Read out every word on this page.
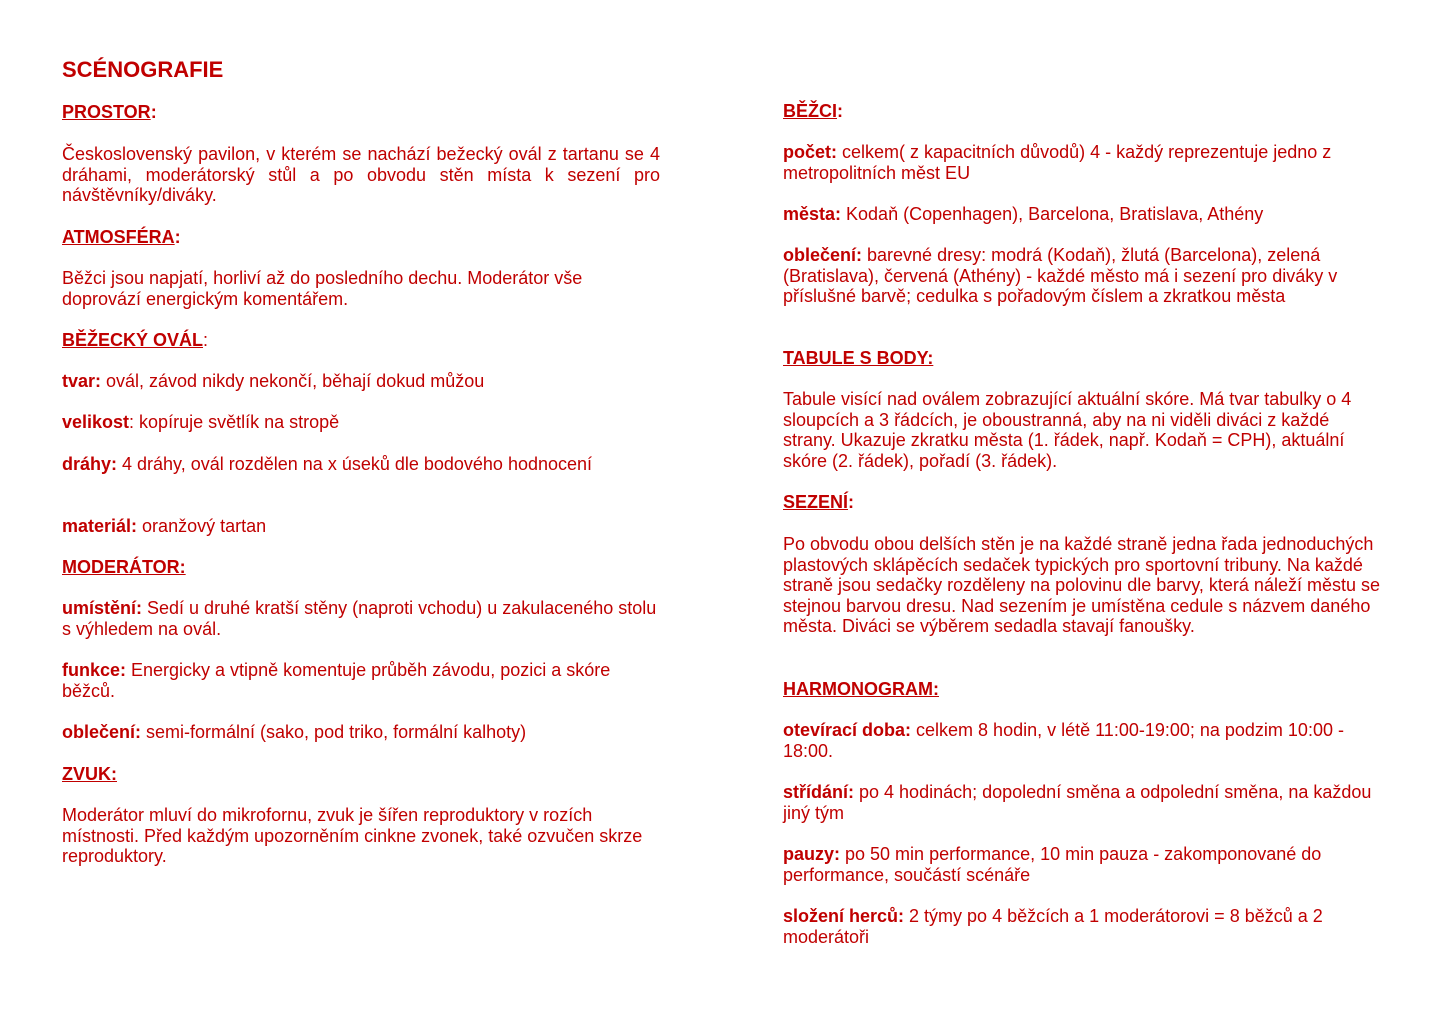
SCÉNOGRAFIE

PROSTOR:

Československý pavilon, v kterém se nachází bežecký ovál z tartanu se 4 dráhami, moderátorský stůl a po obvodu stěn místa k sezení pro návštěvníky/diváky.

ATMOSFÉRA:

Běžci jsou napjatí, horliví až do posledního dechu. Moderátor vše doprovází energickým komentářem.

BĚŽECKÝ OVÁL:

tvar: ovál, závod nikdy nekončí, běhají dokud můžou

velikost: kopíruje světlík na stropě

dráhy: 4 dráhy, ovál rozdělen na x úseků dle bodového hodnocení

materiál: oranžový tartan

MODERÁTOR:

umístění: Sedí u druhé kratší stěny (naproti vchodu) u zakulaceného stolu s výhledem na ovál.

funkce: Energicky a vtipně komentuje průběh závodu, pozici a skóre běžců.

oblečení: semi-formální (sako, pod triko, formální kalhoty)

ZVUK:

Moderátor mluví do mikrofornu, zvuk je šířen reproduktory v rozích místnosti. Před každým upozorněním cinkne zvonek, také ozvučen skrze reproduktory.

BĚŽCI:

počet: celkem( z kapacitních důvodů) 4 - každý reprezentuje jedno z metropolitních měst EU

města: Kodaň (Copenhagen), Barcelona, Bratislava, Athény

oblečení: barevné dresy: modrá (Kodaň), žlutá (Barcelona), zelená (Bratislava), červená (Athény) - každé město má i sezení pro diváky v příslušné barvě; cedulka s pořadovým číslem a zkratkou města

TABULE S BODY:

Tabule visící nad oválem zobrazující aktuální skóre. Má tvar tabulky o 4 sloupcích a 3 řádcích, je oboustranná, aby na ni viděli diváci z každé strany. Ukazuje zkratku města (1. řádek, např. Kodaň = CPH), aktuální skóre (2. řádek), pořadí (3. řádek).

SEZENÍ:

Po obvodu obou delších stěn je na každé straně jedna řada jednoduchých plastových sklápěcích sedaček typických pro sportovní tribuny. Na každé straně jsou sedačky rozděleny na polovinu dle barvy, která náleží městu se stejnou barvou dresu. Nad sezením je umístěna cedule s názvem daného města. Diváci se výběrem sedadla stavají fanoušky.

HARMONOGRAM:

otevírací doba: celkem 8 hodin, v létě 11:00-19:00; na podzim 10:00 - 18:00.

střídání: po 4 hodinách; dopolední směna a odpolední směna, na každou jiný tým

pauzy: po 50 min performance, 10 min pauza - zakomponované do performance, součástí scénáře

složení herců: 2 týmy po 4 běžcích a 1 moderátorovi = 8 běžců a 2 moderátoři
